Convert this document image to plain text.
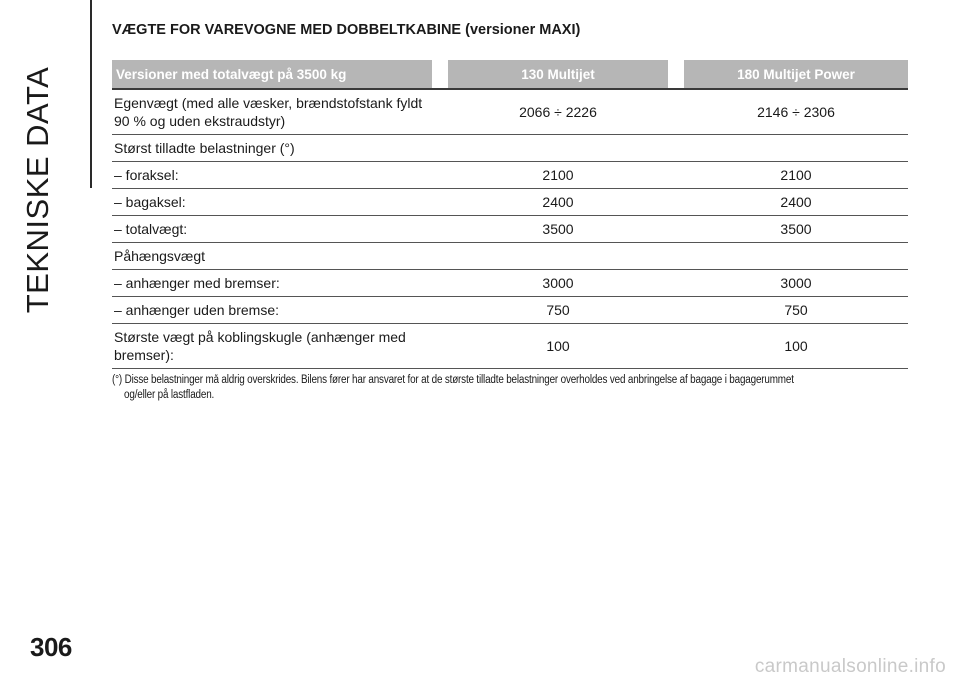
TEKNISKE DATA
VÆGTE FOR VAREVOGNE MED DOBBELTKABINE (versioner MAXI)
Versioner med totalvægt på 3500 kg		130 Multijet		180 Multijet Power
Egenvægt (med alle væsker, brændstofstank fyldt 90 % og uden ekstraudstyr)		2066 ÷ 2226		2146 ÷ 2306
Størst tilladte belastninger (°)				
– foraksel:		2100		2100
– bagaksel:		2400		2400
– totalvægt:		3500		3500
Påhængsvægt				
– anhænger med bremser:		3000		3000
– anhænger uden bremse:		750		750
Største vægt på koblingskugle (anhænger med bremser):		100		100
(°) Disse belastninger må aldrig overskrides. Bilens fører har ansvaret for at de største tilladte belastninger overholdes ved anbringelse af bagage i bagagerummet
og/eller på lastfladen.
306
carmanualsonline.info
